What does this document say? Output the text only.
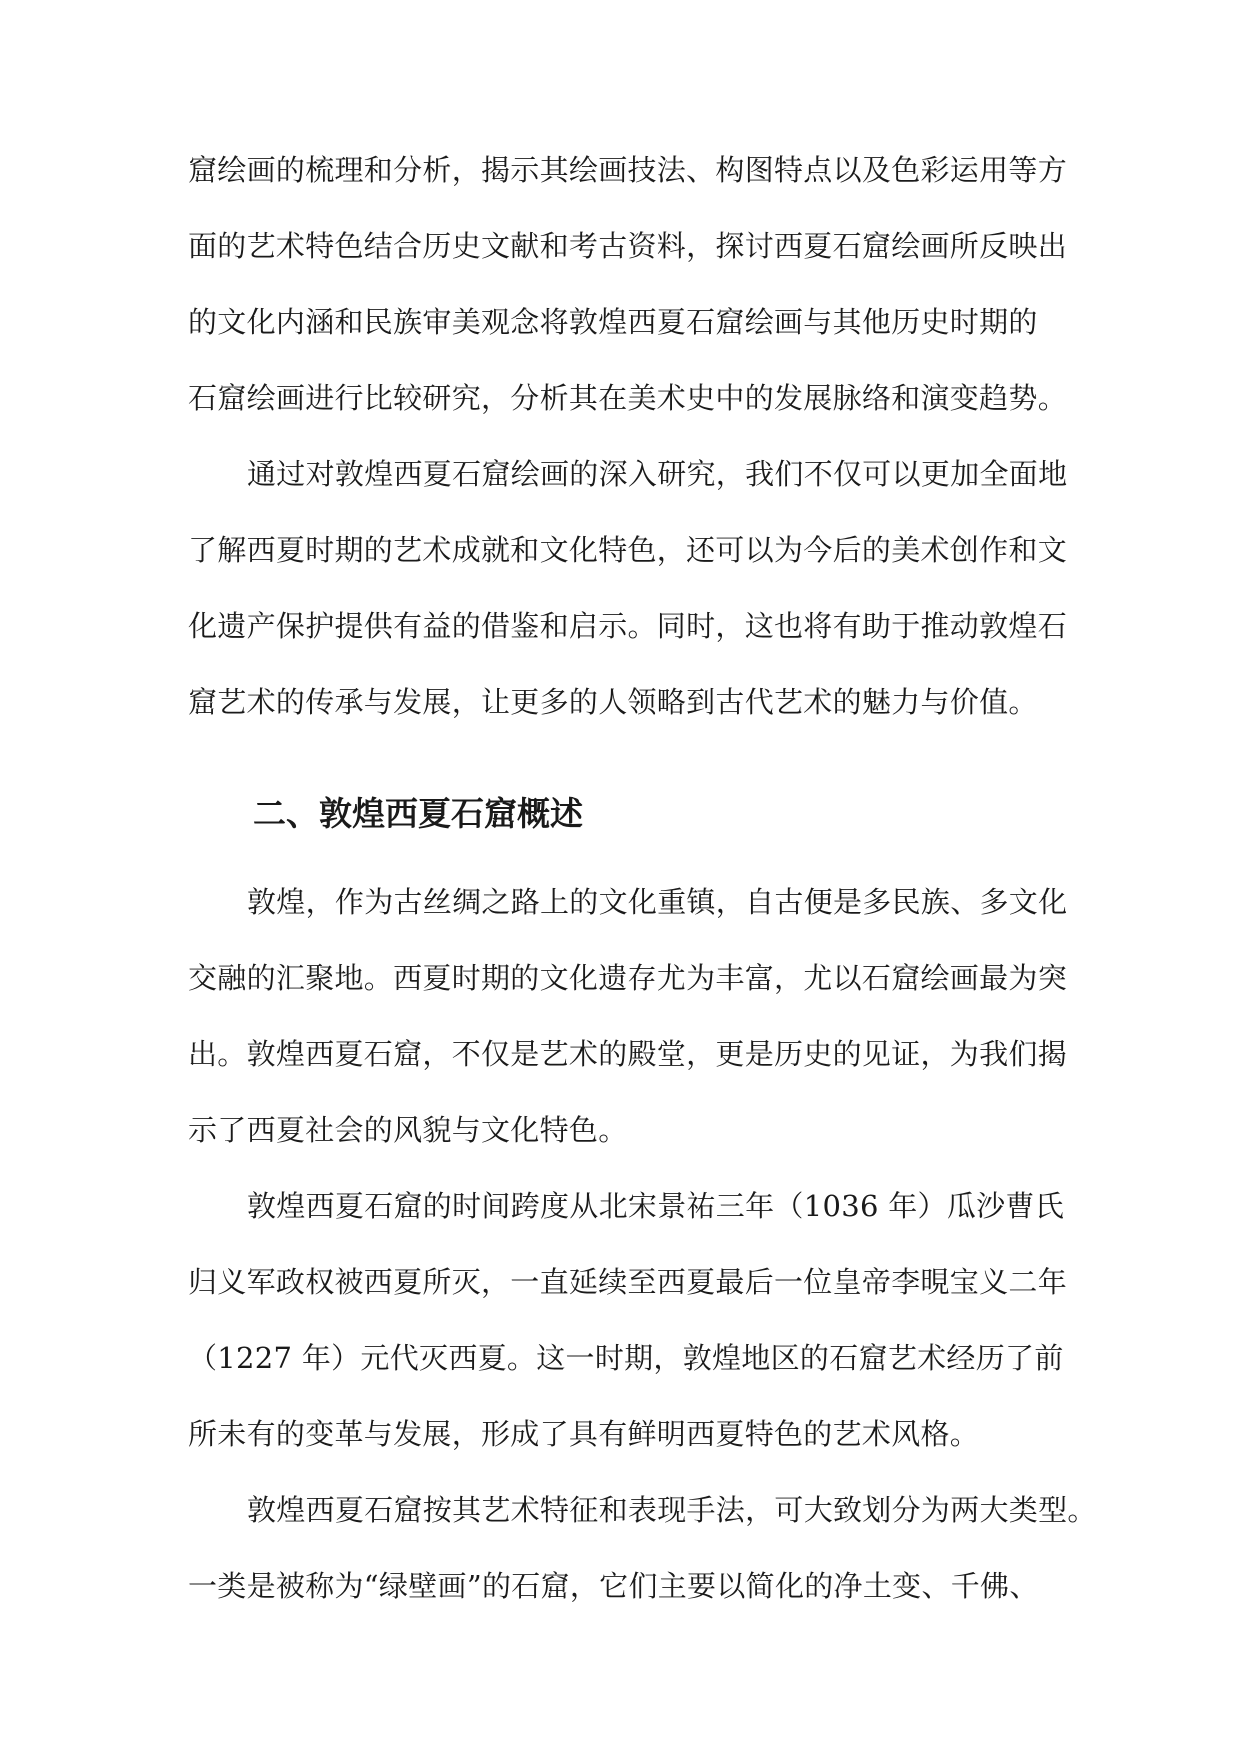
窟绘画的梳理和分析，揭示其绘画技法、构图特点以及色彩运用等方
面的艺术特色结合历史文献和考古资料，探讨西夏石窟绘画所反映出
的文化内涵和民族审美观念将敦煌西夏石窟绘画与其他历史时期的
石窟绘画进行比较研究，分析其在美术史中的发展脉络和演变趋势。
通过对敦煌西夏石窟绘画的深入研究，我们不仅可以更加全面地
了解西夏时期的艺术成就和文化特色，还可以为今后的美术创作和文
化遗产保护提供有益的借鉴和启示。同时，这也将有助于推动敦煌石
窟艺术的传承与发展，让更多的人领略到古代艺术的魅力与价值。
二、敦煌西夏石窟概述
敦煌，作为古丝绸之路上的文化重镇，自古便是多民族、多文化
交融的汇聚地。西夏时期的文化遗存尤为丰富，尤以石窟绘画最为突
出。敦煌西夏石窟，不仅是艺术的殿堂，更是历史的见证，为我们揭
示了西夏社会的风貌与文化特色。
敦煌西夏石窟的时间跨度从北宋景祐三年（1036 年）瓜沙曹氏
归义军政权被西夏所灭，一直延续至西夏最后一位皇帝李晛宝义二年
（1227 年）元代灭西夏。这一时期，敦煌地区的石窟艺术经历了前
所未有的变革与发展，形成了具有鲜明西夏特色的艺术风格。
敦煌西夏石窟按其艺术特征和表现手法，可大致划分为两大类型。
一类是被称为“绿壁画”的石窟，它们主要以简化的净土变、千佛、
